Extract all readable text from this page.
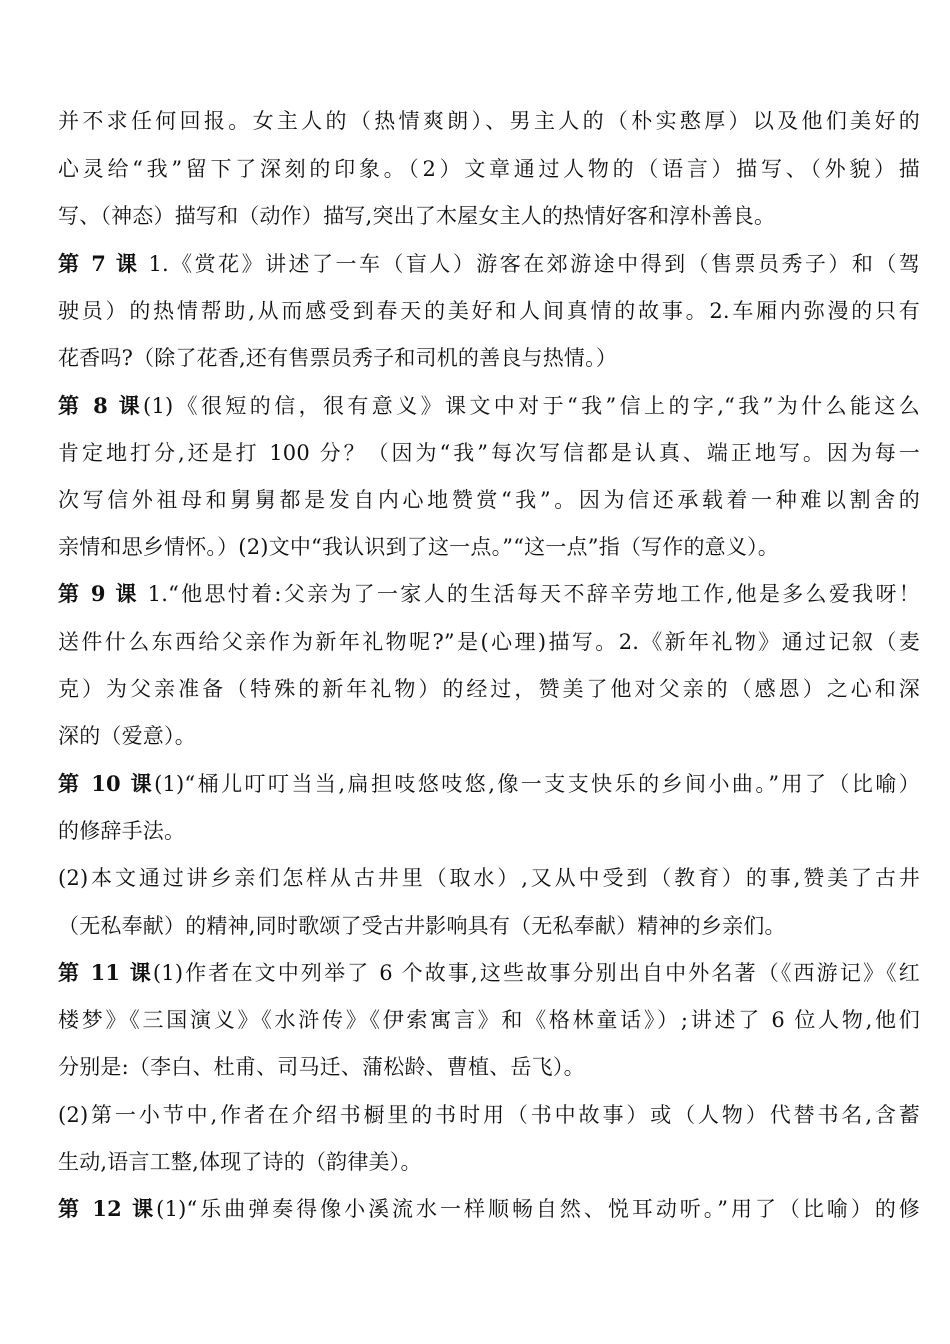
并不求任何回报。女主人的（热情爽朗）、男主人的（朴实憨厚）以及他们美好的
心灵给“我”留下了深刻的印象。（2）文章通过人物的（语言）描写、（外貌）描
写、（神态）描写和（动作）描写,突出了木屋女主人的热情好客和淳朴善良。
第 7 课 1.《赏花》讲述了一车（盲人）游客在郊游途中得到（售票员秀子）和（驾
驶员）的热情帮助,从而感受到春天的美好和人间真情的故事。2.车厢内弥漫的只有
花香吗?（除了花香,还有售票员秀子和司机的善良与热情。）
第 8 课(1)《很短的信，很有意义》课文中对于“我”信上的字,“我”为什么能这么
肯定地打分,还是打 100 分？（因为“我”每次写信都是认真、端正地写。因为每一
次写信外祖母和舅舅都是发自内心地赞赏“我”。因为信还承载着一种难以割舍的
亲情和思乡情怀。）(2)文中“我认识到了这一点。”“这一点”指（写作的意义）。
第 9 课 1.“他思忖着:父亲为了一家人的生活每天不辞辛劳地工作,他是多么爱我呀！
送件什么东西给父亲作为新年礼物呢?”是(心理)描写。2.《新年礼物》通过记叙（麦
克）为父亲准备（特殊的新年礼物）的经过，赞美了他对父亲的（感恩）之心和深
深的（爱意）。
第 10 课(1)“桶儿叮叮当当,扁担吱悠吱悠,像一支支快乐的乡间小曲。”用了（比喻）
的修辞手法。
(2)本文通过讲乡亲们怎样从古井里（取水）,又从中受到（教育）的事,赞美了古井
（无私奉献）的精神,同时歌颂了受古井影响具有（无私奉献）精神的乡亲们。
第 11 课(1)作者在文中列举了 6 个故事,这些故事分别出自中外名著（《西游记》《红
楼梦》《三国演义》《水浒传》《伊索寓言》和《格林童话》）;讲述了 6 位人物,他们
分别是:（李白、杜甫、司马迁、蒲松龄、曹植、岳飞）。
(2)第一小节中,作者在介绍书橱里的书时用（书中故事）或（人物）代替书名,含蓄
生动,语言工整,体现了诗的（韵律美）。
第 12 课(1)“乐曲弹奏得像小溪流水一样顺畅自然、悦耳动听。”用了（比喻）的修
